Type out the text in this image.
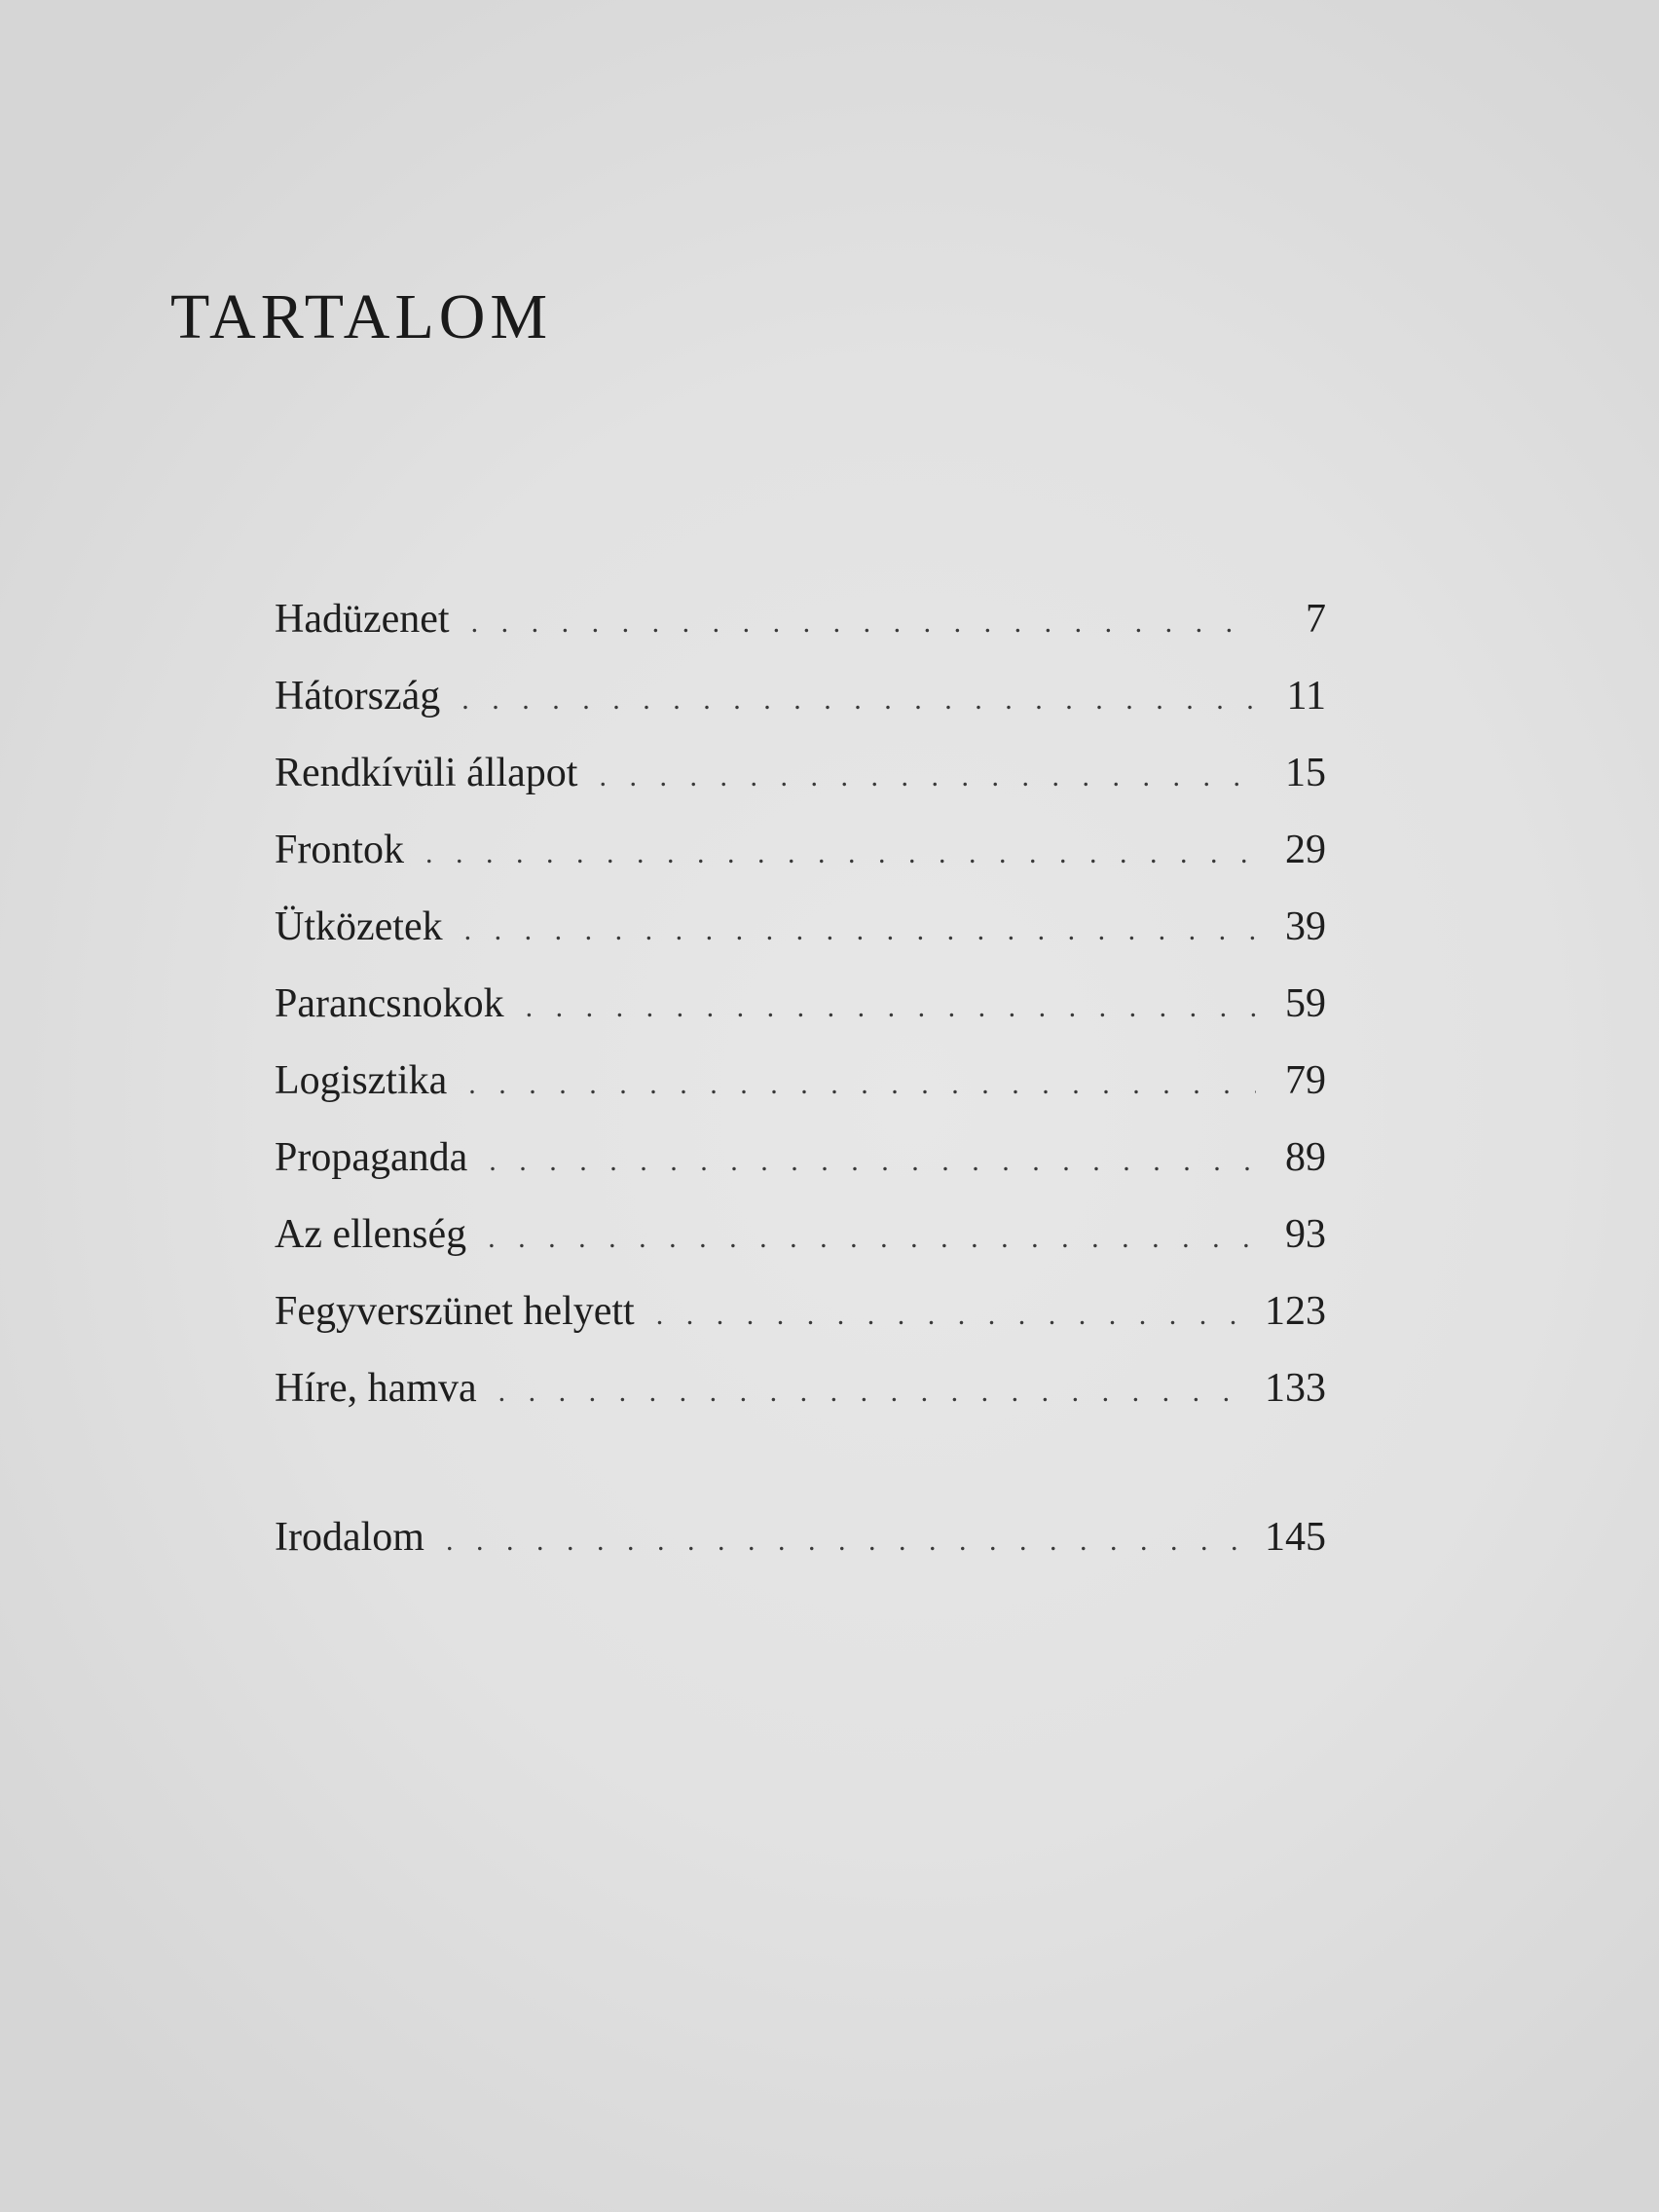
TARTALOM
Hadüzenet . . .	7
Hátország . . .	11
Rendkívüli állapot . . .	15
Frontok . . .	29
Ütközetek . . .	39
Parancsnokok . . .	59
Logisztika . . .	79
Propaganda . . .	89
Az ellenség . . .	93
Fegyverszünet helyett . . .	123
Híre, hamva . . .	133
Irodalom . . .	145
